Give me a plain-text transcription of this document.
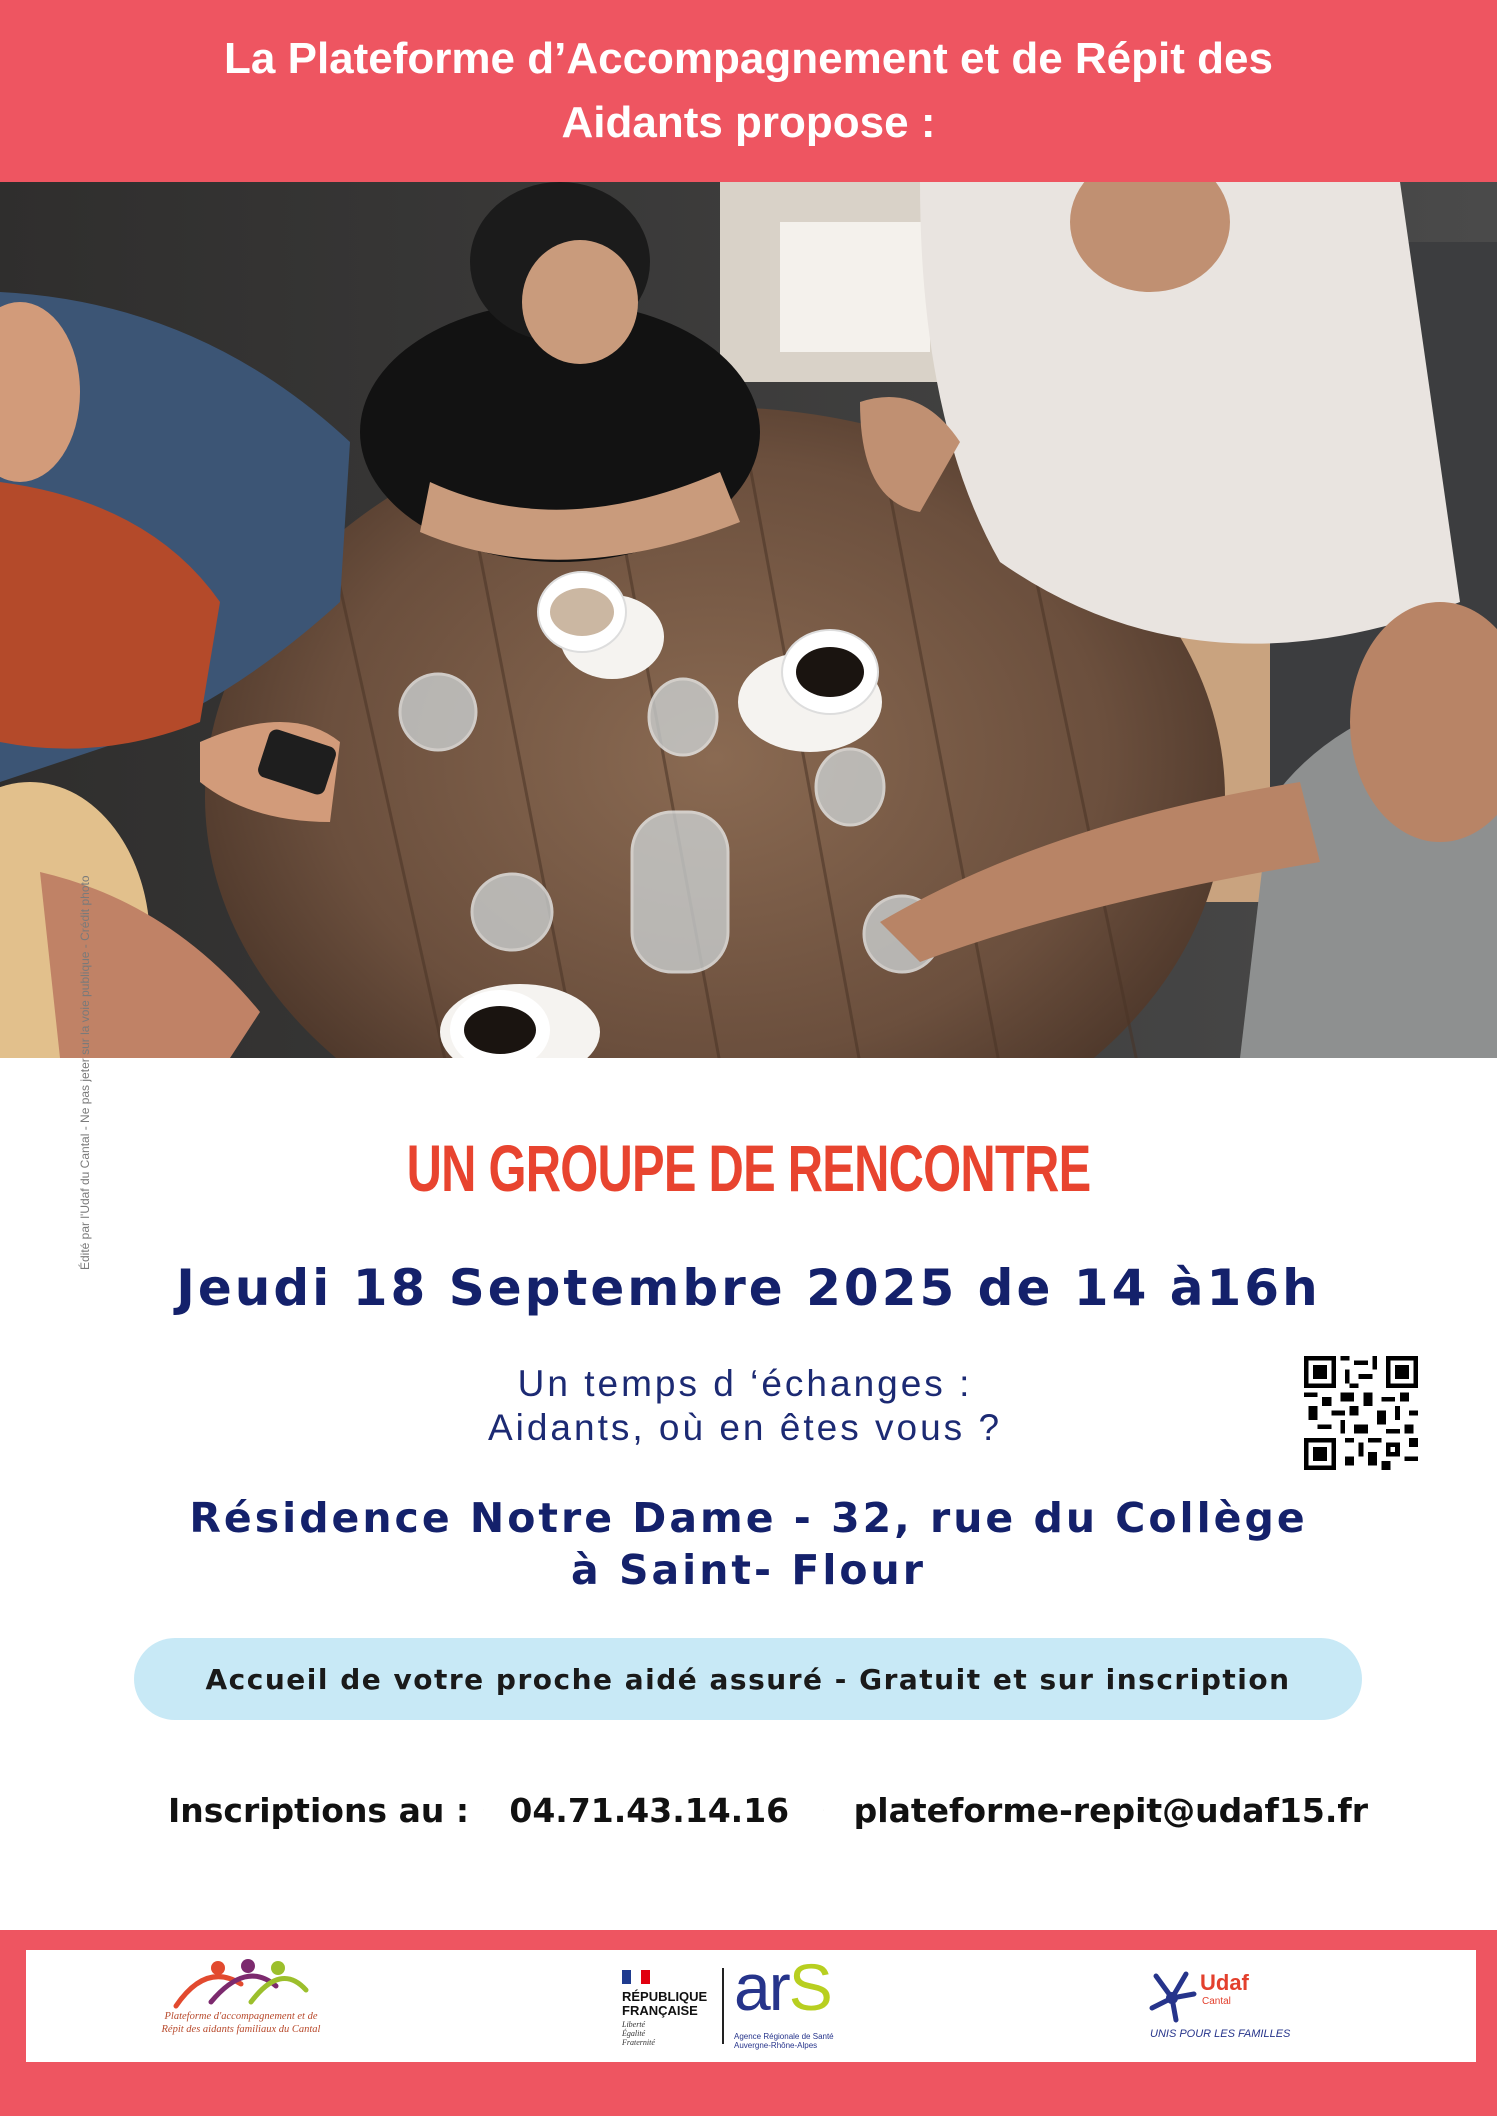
La Plateforme d’Accompagnement et de Répit des
Aidants propose :
Édité par l'Udaf du Cantal - Ne pas jeter sur la voie publique - Crédit photo	UN GROUPE DE RENCONTRE
Jeudi 18 Septembre 2025 de 14 à16h
Un temps d ‘échanges :
Aidants, où en êtes vous ?
Résidence Notre Dame - 32, rue du Collège
à Saint- Flour
Accueil de votre proche aidé assuré - Gratuit et sur inscription
Inscriptions au : 04.71.43.14.16 plateforme-repit@udaf15.fr
Plateforme d'accompagnement et de Répit des aidants familiaux du Cantal
RÉPUBLIQUE
FRANÇAISE
Liberté
Égalité
Fraternité
arS
Agence Régionale de Santé
Auvergne-Rhône-Alpes
Udaf
Cantal
UNIS POUR LES FAMILLES
